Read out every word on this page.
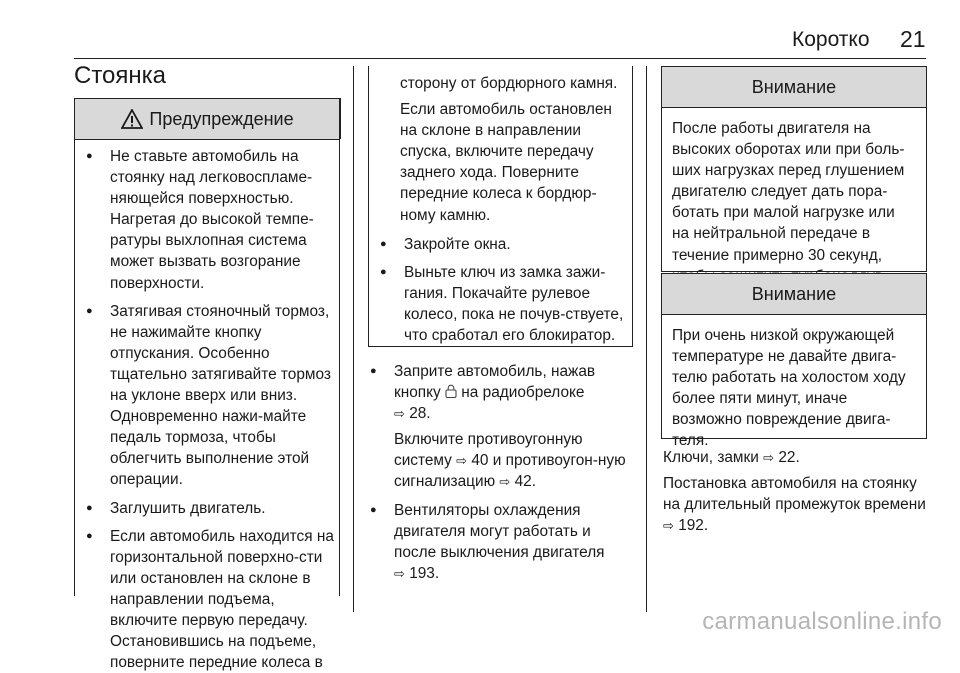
Коротко 21
Стоянка
Предупреждение
● Не ставьте автомобиль на стоянку над легковоспламе-няющейся поверхностью. Нагретая до высокой темпе-ратуры выхлопная система может вызвать возгорание поверхности.
● Затягивая стояночный тормоз, не нажимайте кнопку отпускания. Особенно тщательно затягивайте тормоз на уклоне вверх или вниз. Одновременно нажи-майте педаль тормоза, чтобы облегчить выполнение этой операции.
● Заглушить двигатель.
● Если автомобиль находится на горизонтальной поверхно-сти или остановлен на склоне в направлении подъема, включите первую передачу. Остановившись на подъеме, поверните передние колеса в

сторону от бордюрного камня.

Если автомобиль остановлен на склоне в направлении спуска, включите передачу заднего хода. Поверните передние колеса к бордюр-ному камню.

● Закройте окна.
● Выньте ключ из замка зажи-гания. Покачайте рулевое колесо, пока не почув-ствуете, что сработал его блокиратор.
● Заприте автомобиль, нажав кнопку на радиобрелоке
⇨ 28.
Включите противоугонную систему ⇨ 40 и противоугон-ную сигнализацию ⇨ 42.
● Вентиляторы охлаждения двигателя могут работать и после выключения двигателя
⇨ 193.
Внимание
После работы двигателя на высоких оборотах или при боль-ших нагрузках перед глушением двигателю следует дать пора-ботать при малой нагрузке или на нейтральной передаче в течение примерно 30 секунд,
Внимание
При очень низкой окружающей температуре не давайте двига-телю работать на холостом ходу более пяти минут, иначе возможно повреждение двига-теля.

Ключи, замки ⇨ 22.

Постановка автомобиля на стоянку на длительный промежуток времени ⇨ 192.

carmanualsonline.info
